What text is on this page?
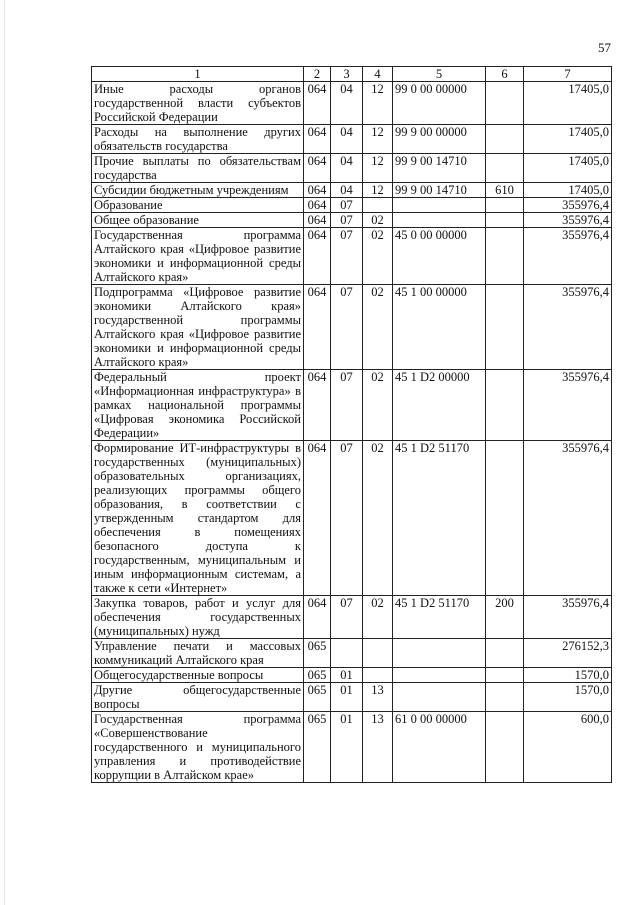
57
1	2	3	4	5	6	7
Иные расходы органов государственной власти субъектов Российской Федерации	064	04	12	99 0 00 00000		17405,0
Расходы на выполнение других обязательств государства	064	04	12	99 9 00 00000		17405,0
Прочие выплаты по обязательствам государства	064	04	12	99 9 00 14710		17405,0
Субсидии бюджетным учреждениям	064	04	12	99 9 00 14710	610	17405,0
Образование	064	07				355976,4
Общее образование	064	07	02			355976,4
Государственная программа Алтайского края «Цифровое развитие экономики и информационной среды Алтайского края»	064	07	02	45 0 00 00000		355976,4
Подпрограмма «Цифровое развитие экономики Алтайского края» государственной программы Алтайского края «Цифровое развитие экономики и информационной среды Алтайского края»	064	07	02	45 1 00 00000		355976,4
Федеральный проект «Информационная инфраструктура» в рамках национальной программы «Цифровая экономика Российской Федерации»	064	07	02	45 1 D2 00000		355976,4
Формирование ИТ-инфраструктуры в государственных (муниципальных) образовательных организациях, реализующих программы общего образования, в соответствии с утвержденным стандартом для обеспечения в помещениях безопасного доступа к государственным, муниципальным и иным информационным системам, а также к сети «Интернет»	064	07	02	45 1 D2 51170		355976,4
Закупка товаров, работ и услуг для обеспечения государственных (муниципальных) нужд	064	07	02	45 1 D2 51170	200	355976,4
Управление печати и массовых коммуникаций Алтайского края	065					276152,3
Общегосударственные вопросы	065	01				1570,0
Другие общегосударственные вопросы	065	01	13			1570,0
Государственная программа «Совершенствование государственного и муниципального управления и противодействие коррупции в Алтайском крае»	065	01	13	61 0 00 00000		600,0
